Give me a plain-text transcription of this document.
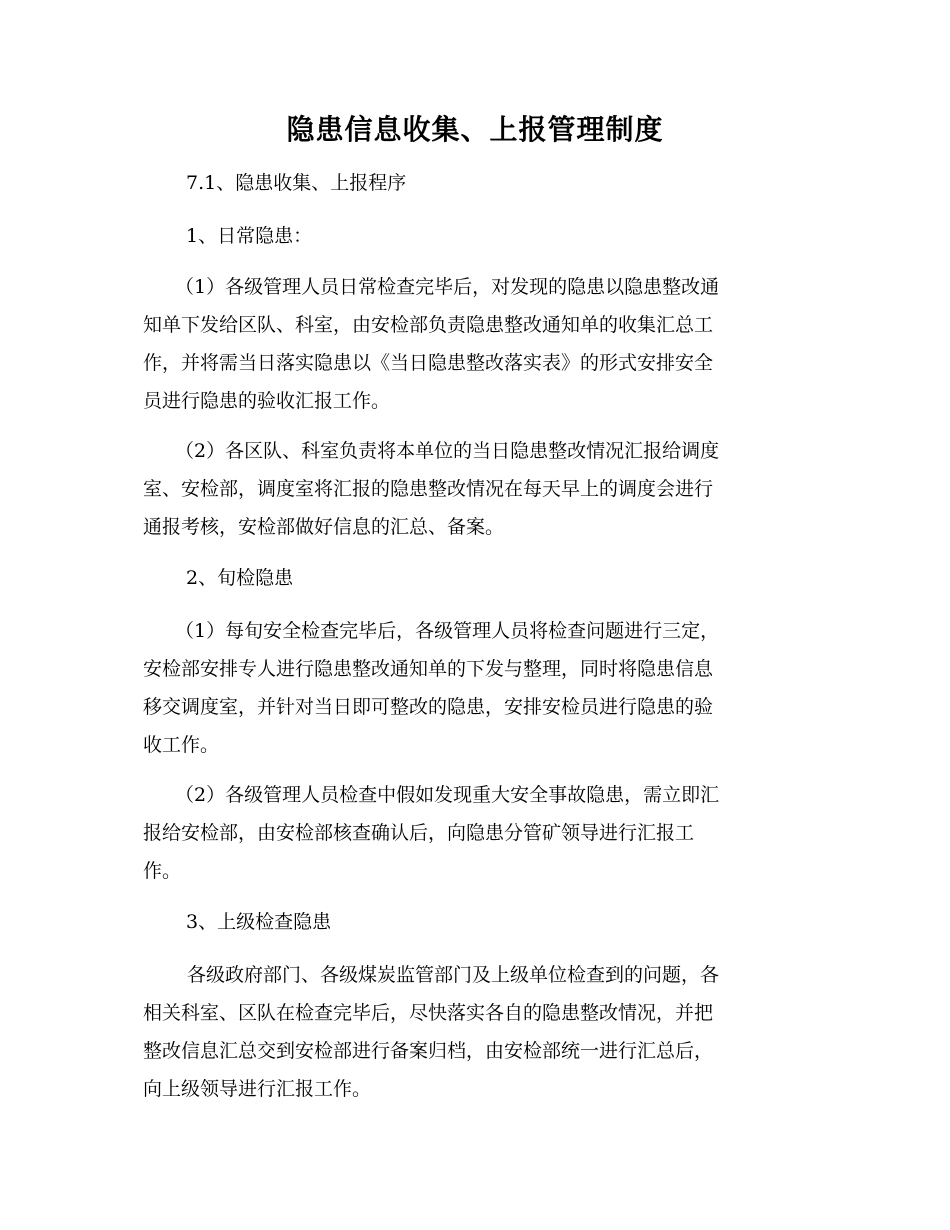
隐患信息收集、上报管理制度
7.1、隐患收集、上报程序
1、日常隐患：
（1）各级管理人员日常检查完毕后，对发现的隐患以隐患整改通
知单下发给区队、科室，由安检部负责隐患整改通知单的收集汇总工
作，并将需当日落实隐患以《当日隐患整改落实表》的形式安排安全
员进行隐患的验收汇报工作。
（2）各区队、科室负责将本单位的当日隐患整改情况汇报给调度
室、安检部，调度室将汇报的隐患整改情况在每天早上的调度会进行
通报考核，安检部做好信息的汇总、备案。
2、旬检隐患
（1）每旬安全检查完毕后，各级管理人员将检查问题进行三定，
安检部安排专人进行隐患整改通知单的下发与整理，同时将隐患信息
移交调度室，并针对当日即可整改的隐患，安排安检员进行隐患的验
收工作。
（2）各级管理人员检查中假如发现重大安全事故隐患，需立即汇
报给安检部，由安检部核查确认后，向隐患分管矿领导进行汇报工
作。
3、上级检查隐患
各级政府部门、各级煤炭监管部门及上级单位检查到的问题，各
相关科室、区队在检查完毕后，尽快落实各自的隐患整改情况，并把
整改信息汇总交到安检部进行备案归档，由安检部统一进行汇总后，
向上级领导进行汇报工作。
